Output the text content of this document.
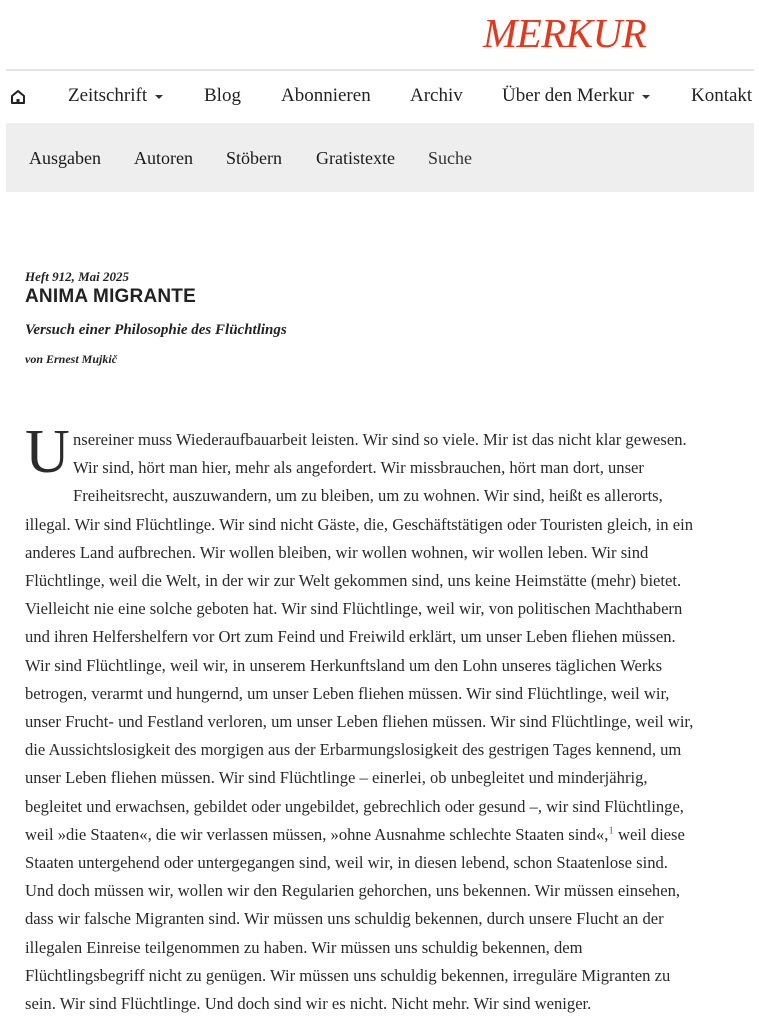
MERKUR
Zeitschrift	Blog Abonnieren Archiv Über den Merkur	Kontakt
Ausgaben Autoren Stöbern Gratistexte Suche
Heft 912, Mai 2025
ANIMA MIGRANTE
Versuch einer Philosophie des Flüchtlings
von Ernest Mujkič
U nsereiner muss Wiederaufbauarbeit leisten. Wir sind so viele. Mir ist das nicht klar gewesen.
Wir sind, hört man hier, mehr als angefordert. Wir missbrauchen, hört man dort, unser
Freiheitsrecht, auszuwandern, um zu bleiben, um zu wohnen. Wir sind, heißt es allerorts,
illegal. Wir sind Flüchtlinge. Wir sind nicht Gäste, die, Geschäftstätigen oder Touristen gleich, in ein
anderes Land aufbrechen. Wir wollen bleiben, wir wollen wohnen, wir wollen leben. Wir sind
Flüchtlinge, weil die Welt, in der wir zur Welt gekommen sind, uns keine Heimstätte (mehr) bietet.
Vielleicht nie eine solche geboten hat. Wir sind Flüchtlinge, weil wir, von politischen Machthabern
und ihren Helfershelfern vor Ort zum Feind und Freiwild erklärt, um unser Leben fliehen müssen.
Wir sind Flüchtlinge, weil wir, in unserem Herkunftsland um den Lohn unseres täglichen Werks
betrogen, verarmt und hungernd, um unser Leben fliehen müssen. Wir sind Flüchtlinge, weil wir,
unser Frucht- und Festland verloren, um unser Leben fliehen müssen. Wir sind Flüchtlinge, weil wir,
die Aussichtslosigkeit des morgigen aus der Erbarmungslosigkeit des gestrigen Tages kennend, um
unser Leben fliehen müssen. Wir sind Flüchtlinge – einerlei, ob unbegleitet und minderjährig,
begleitet und erwachsen, gebildet oder ungebildet, gebrechlich oder gesund –, wir sind Flüchtlinge,
weil »die Staaten«, die wir verlassen müssen, »ohne Ausnahme schlechte Staaten sind«,$^1$ weil diese
Staaten untergehend oder untergegangen sind, weil wir, in diesen lebend, schon Staatenlose sind.
Und doch müssen wir, wollen wir den Regularien gehorchen, uns bekennen. Wir müssen einsehen,
dass wir falsche Migranten sind. Wir müssen uns schuldig bekennen, durch unsere Flucht an der
illegalen Einreise teilgenommen zu haben. Wir müssen uns schuldig bekennen, dem
Flüchtlingsbegriff nicht zu genügen. Wir müssen uns schuldig bekennen, irreguläre Migranten zu
sein. Wir sind Flüchtlinge. Und doch sind wir es nicht. Nicht mehr. Wir sind weniger.
